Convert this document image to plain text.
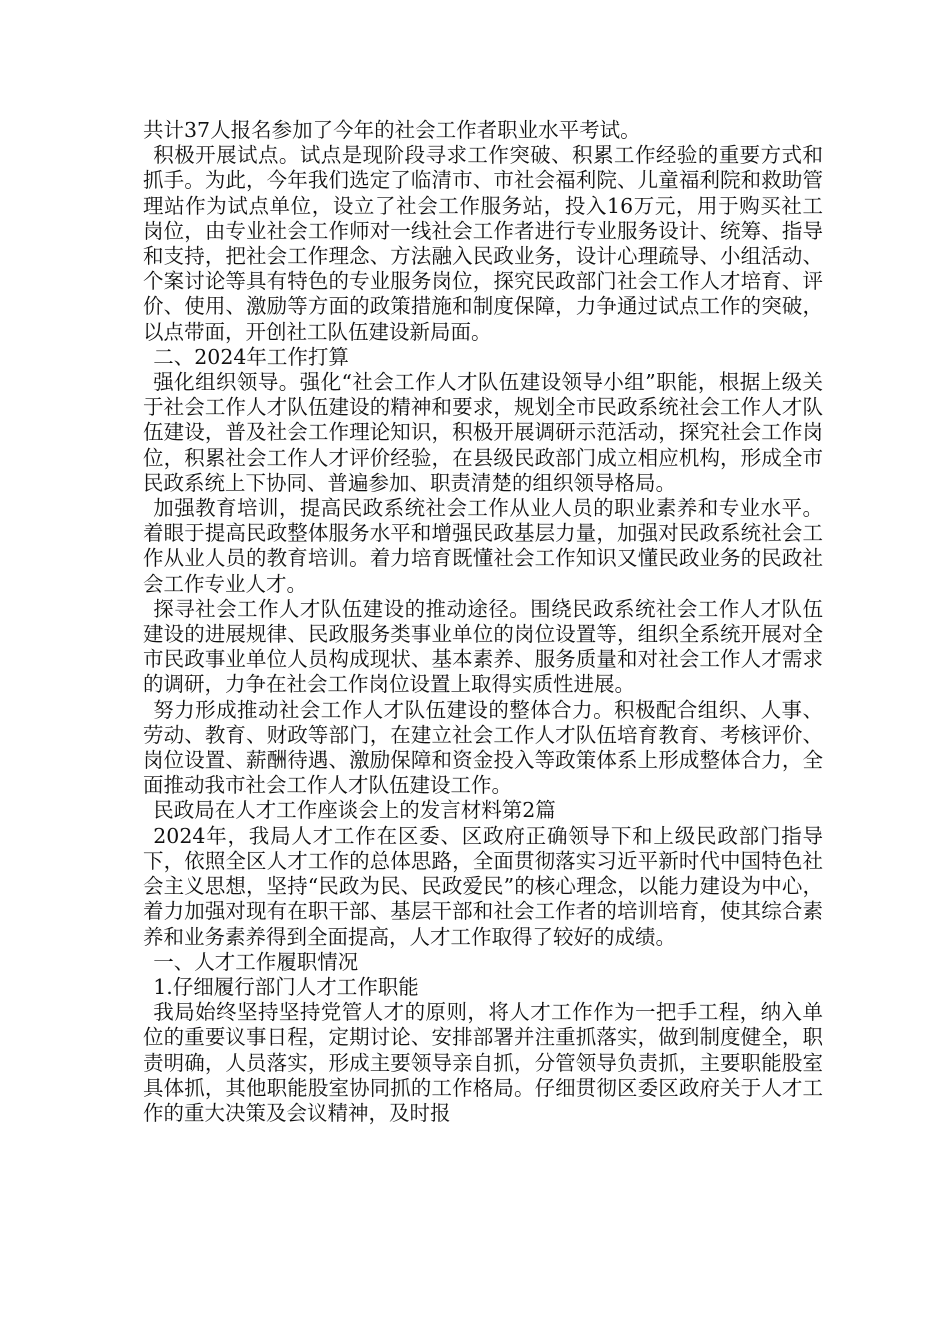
共计37人报名参加了今年的社会工作者职业水平考试。

积极开展试点。试点是现阶段寻求工作突破、积累工作经验的重要方式和抓手。为此，今年我们选定了临清市、市社会福利院、儿童福利院和救助管理站作为试点单位，设立了社会工作服务站，投入16万元，用于购买社工岗位，由专业社会工作师对一线社会工作者进行专业服务设计、统筹、指导和支持，把社会工作理念、方法融入民政业务，设计心理疏导、小组活动、个案讨论等具有特色的专业服务岗位，探究民政部门社会工作人才培育、评价、使用、激励等方面的政策措施和制度保障，力争通过试点工作的突破，以点带面，开创社工队伍建设新局面。

二、2024年工作打算

强化组织领导。强化“社会工作人才队伍建设领导小组”职能，根据上级关于社会工作人才队伍建设的精神和要求，规划全市民政系统社会工作人才队伍建设，普及社会工作理论知识，积极开展调研示范活动，探究社会工作岗位，积累社会工作人才评价经验，在县级民政部门成立相应机构，形成全市民政系统上下协同、普遍参加、职责清楚的组织领导格局。

加强教育培训，提高民政系统社会工作从业人员的职业素养和专业水平。着眼于提高民政整体服务水平和增强民政基层力量，加强对民政系统社会工作从业人员的教育培训。着力培育既懂社会工作知识又懂民政业务的民政社会工作专业人才。

探寻社会工作人才队伍建设的推动途径。围绕民政系统社会工作人才队伍建设的进展规律、民政服务类事业单位的岗位设置等，组织全系统开展对全市民政事业单位人员构成现状、基本素养、服务质量和对社会工作人才需求的调研，力争在社会工作岗位设置上取得实质性进展。

努力形成推动社会工作人才队伍建设的整体合力。积极配合组织、人事、劳动、教育、财政等部门，在建立社会工作人才队伍培育教育、考核评价、岗位设置、薪酬待遇、激励保障和资金投入等政策体系上形成整体合力，全面推动我市社会工作人才队伍建设工作。

民政局在人才工作座谈会上的发言材料第2篇

2024年，我局人才工作在区委、区政府正确领导下和上级民政部门指导下，依照全区人才工作的总体思路，全面贯彻落实习近平新时代中国特色社会主义思想，坚持“民政为民、民政爱民”的核心理念，以能力建设为中心，着力加强对现有在职干部、基层干部和社会工作者的培训培育，使其综合素养和业务素养得到全面提高，人才工作取得了较好的成绩。

一、人才工作履职情况

1.仔细履行部门人才工作职能

我局始终坚持坚持党管人才的原则，将人才工作作为一把手工程，纳入单位的重要议事日程，定期讨论、安排部署并注重抓落实，做到制度健全，职责明确，人员落实，形成主要领导亲自抓，分管领导负责抓，主要职能股室具体抓，其他职能股室协同抓的工作格局。仔细贯彻区委区政府关于人才工作的重大决策及会议精神，及时报
